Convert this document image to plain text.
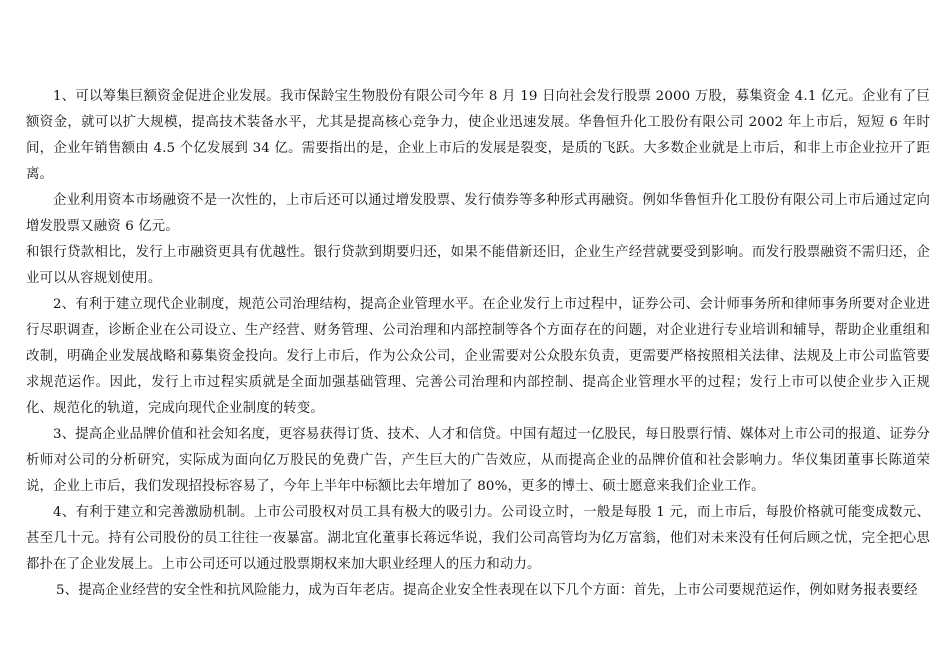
1、可以筹集巨额资金促进企业发展。我市保龄宝生物股份有限公司今年 8 月 19 日向社会发行股票 2000 万股，募集资金 4.1 亿元。企业有了巨额资金，就可以扩大规模，提高技术装备水平，尤其是提高核心竞争力，使企业迅速发展。华鲁恒升化工股份有限公司 2002 年上市后，短短 6 年时间，企业年销售额由 4.5 个亿发展到 34 亿。需要指出的是，企业上市后的发展是裂变，是质的飞跃。大多数企业就是上市后，和非上市企业拉开了距离。

企业利用资本市场融资不是一次性的，上市后还可以通过增发股票、发行债券等多种形式再融资。例如华鲁恒升化工股份有限公司上市后通过定向增发股票又融资 6 亿元。

和银行贷款相比，发行上市融资更具有优越性。银行贷款到期要归还，如果不能借新还旧，企业生产经营就要受到影响。而发行股票融资不需归还，企业可以从容规划使用。

2、有利于建立现代企业制度，规范公司治理结构，提高企业管理水平。在企业发行上市过程中，证券公司、会计师事务所和律师事务所要对企业进行尽职调查，诊断企业在公司设立、生产经营、财务管理、公司治理和内部控制等各个方面存在的问题，对企业进行专业培训和辅导，帮助企业重组和改制，明确企业发展战略和募集资金投向。发行上市后，作为公众公司，企业需要对公众股东负责，更需要严格按照相关法律、法规及上市公司监管要求规范运作。因此，发行上市过程实质就是全面加强基础管理、完善公司治理和内部控制、提高企业管理水平的过程；发行上市可以使企业步入正规化、规范化的轨道，完成向现代企业制度的转变。

3、提高企业品牌价值和社会知名度，更容易获得订货、技术、人才和信贷。中国有超过一亿股民，每日股票行情、媒体对上市公司的报道、证券分析师对公司的分析研究，实际成为面向亿万股民的免费广告，产生巨大的广告效应，从而提高企业的品牌价值和社会影响力。华仪集团董事长陈道荣说，企业上市后，我们发现招投标容易了，今年上半年中标额比去年增加了 80%，更多的博士、硕士愿意来我们企业工作。

4、有利于建立和完善激励机制。上市公司股权对员工具有极大的吸引力。公司设立时，一般是每股 1 元，而上市后，每股价格就可能变成数元、甚至几十元。持有公司股份的员工往往一夜暴富。湖北宜化董事长蒋远华说，我们公司高管均为亿万富翁，他们对未来没有任何后顾之忧，完全把心思都扑在了企业发展上。上市公司还可以通过股票期权来加大职业经理人的压力和动力。

5、提高企业经营的安全性和抗风险能力，成为百年老店。提高企业安全性表现在以下几个方面：首先，上市公司要规范运作，例如财务报表要经
